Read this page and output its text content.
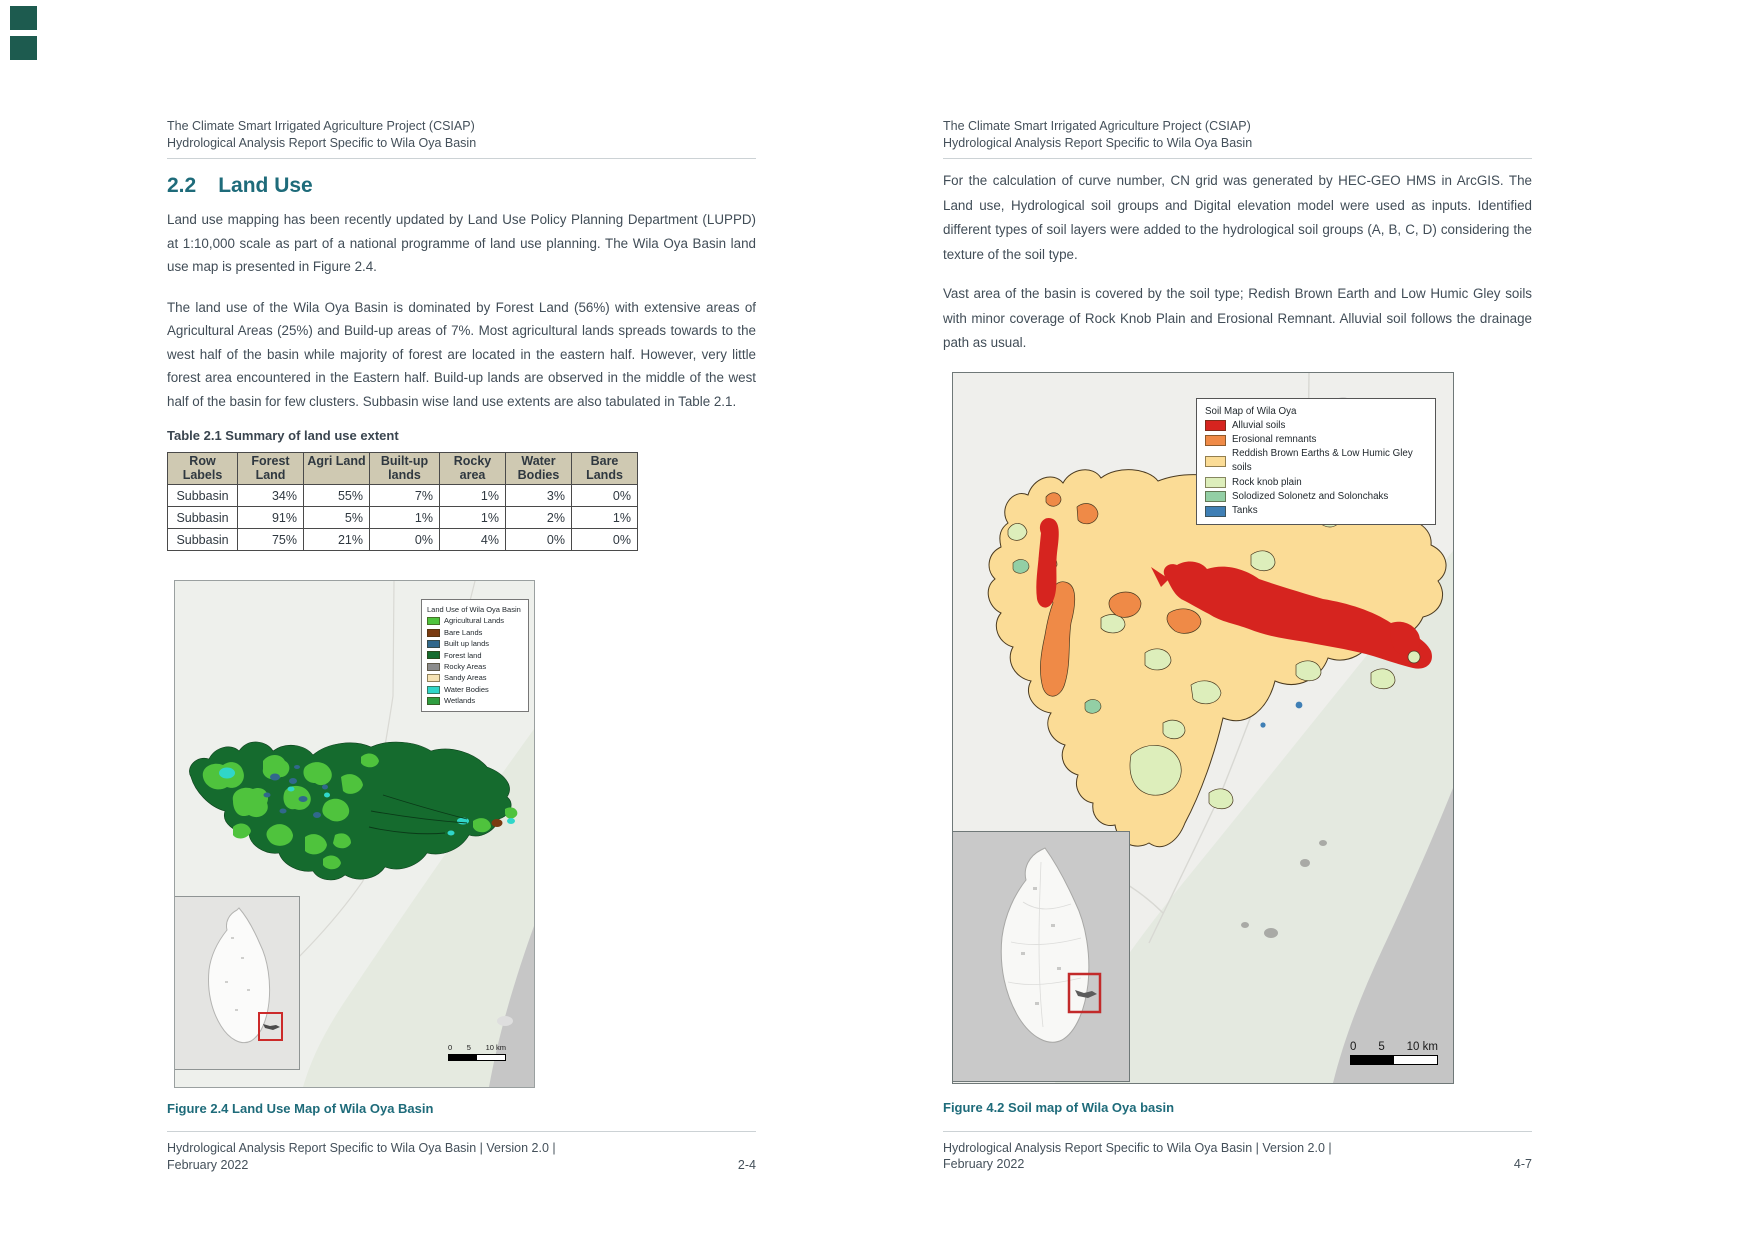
The Climate Smart Irrigated Agriculture Project (CSIAP)
Hydrological Analysis Report Specific to Wila Oya Basin
2.2 Land Use
Land use mapping has been recently updated by Land Use Policy Planning Department (LUPPD) at 1:10,000 scale as part of a national programme of land use planning. The Wila Oya Basin land use map is presented in Figure 2.4.
The land use of the Wila Oya Basin is dominated by Forest Land (56%) with extensive areas of Agricultural Areas (25%) and Build-up areas of 7%. Most agricultural lands spreads towards to the west half of the basin while majority of forest are located in the eastern half. However, very little forest area encountered in the Eastern half. Build-up lands are observed in the middle of the west half of the basin for few clusters. Subbasin wise land use extents are also tabulated in Table 2.1.
Table 2.1 Summary of land use extent
Row Labels	Forest Land	Agri Land	Built-up lands	Rocky area	Water Bodies	Bare Lands
Subbasin	34%	55%	7%	1%	3%	0%
Subbasin	91%	5%	1%	1%	2%	1%
Subbasin	75%	21%	0%	4%	0%	0%
Land Use of Wila Oya Basin
Agricultural Lands
Bare Lands
Built up lands
Forest land
Rocky Areas
Sandy Areas
Water Bodies
Wetlands
0 5 10 km
Figure 2.4 Land Use Map of Wila Oya Basin
Hydrological Analysis Report Specific to Wila Oya Basin | Version 2.0 |
February 2022	2-4
The Climate Smart Irrigated Agriculture Project (CSIAP)
Hydrological Analysis Report Specific to Wila Oya Basin
For the calculation of curve number, CN grid was generated by HEC-GEO HMS in ArcGIS. The Land use, Hydrological soil groups and Digital elevation model were used as inputs. Identified different types of soil layers were added to the hydrological soil groups (A, B, C, D) considering the texture of the soil type.
Vast area of the basin is covered by the soil type; Redish Brown Earth and Low Humic Gley soils with minor coverage of Rock Knob Plain and Erosional Remnant. Alluvial soil follows the drainage path as usual.
Soil Map of Wila Oya
Alluvial soils
Erosional remnants
Reddish Brown Earths & Low Humic Gley soils
Rock knob plain
Solodized Solonetz and Solonchaks
Tanks
0 5 10 km
Figure 4.2 Soil map of Wila Oya basin
Hydrological Analysis Report Specific to Wila Oya Basin | Version 2.0 |
February 2022	4-7
